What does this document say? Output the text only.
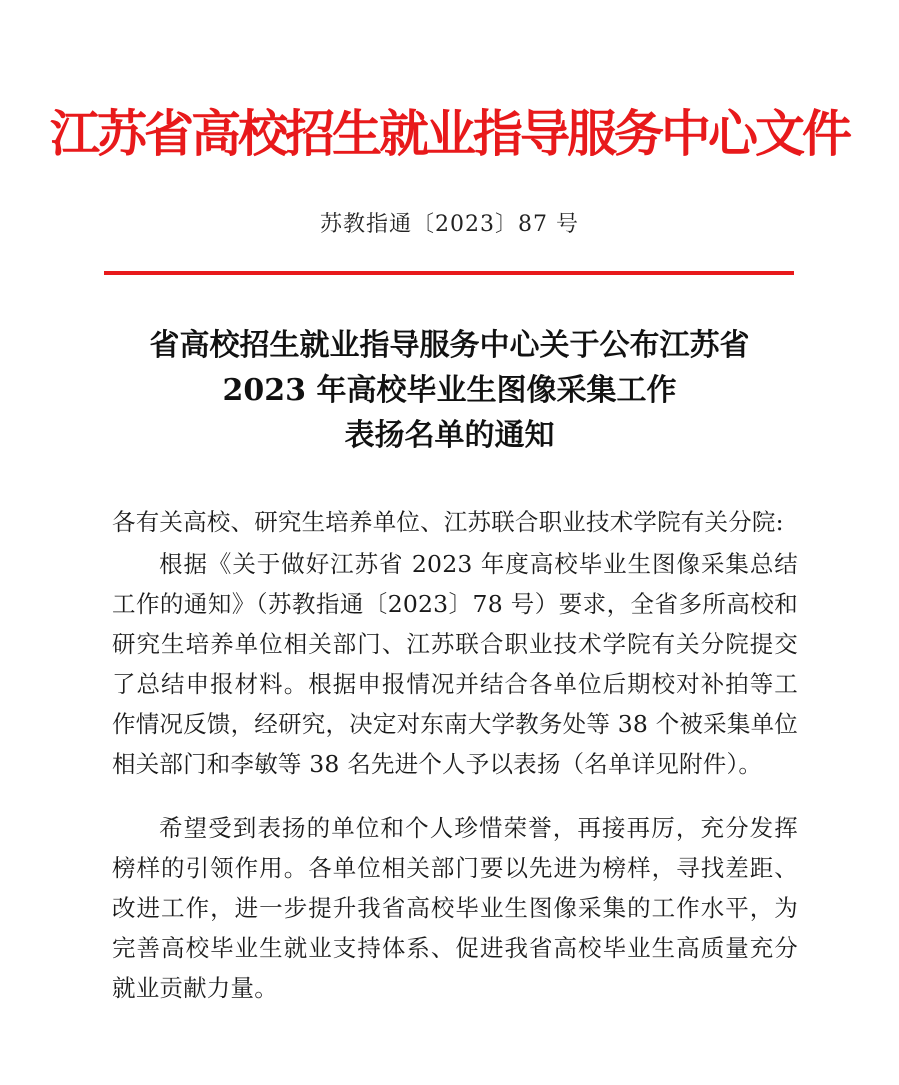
江苏省高校招生就业指导服务中心文件
苏教指通〔2023〕87 号
省高校招生就业指导服务中心关于公布江苏省
2023 年高校毕业生图像采集工作
表扬名单的通知
各有关高校、研究生培养单位、江苏联合职业技术学院有关分院:
根据《关于做好江苏省 2023 年度高校毕业生图像采集总结工作的通知》（苏教指通〔2023〕78 号）要求，全省多所高校和研究生培养单位相关部门、江苏联合职业技术学院有关分院提交了总结申报材料。根据申报情况并结合各单位后期校对补拍等工作情况反馈，经研究，决定对东南大学教务处等 38 个被采集单位相关部门和李敏等 38 名先进个人予以表扬（名单详见附件）。
希望受到表扬的单位和个人珍惜荣誉，再接再厉，充分发挥榜样的引领作用。各单位相关部门要以先进为榜样，寻找差距、改进工作，进一步提升我省高校毕业生图像采集的工作水平，为完善高校毕业生就业支持体系、促进我省高校毕业生高质量充分就业贡献力量。
